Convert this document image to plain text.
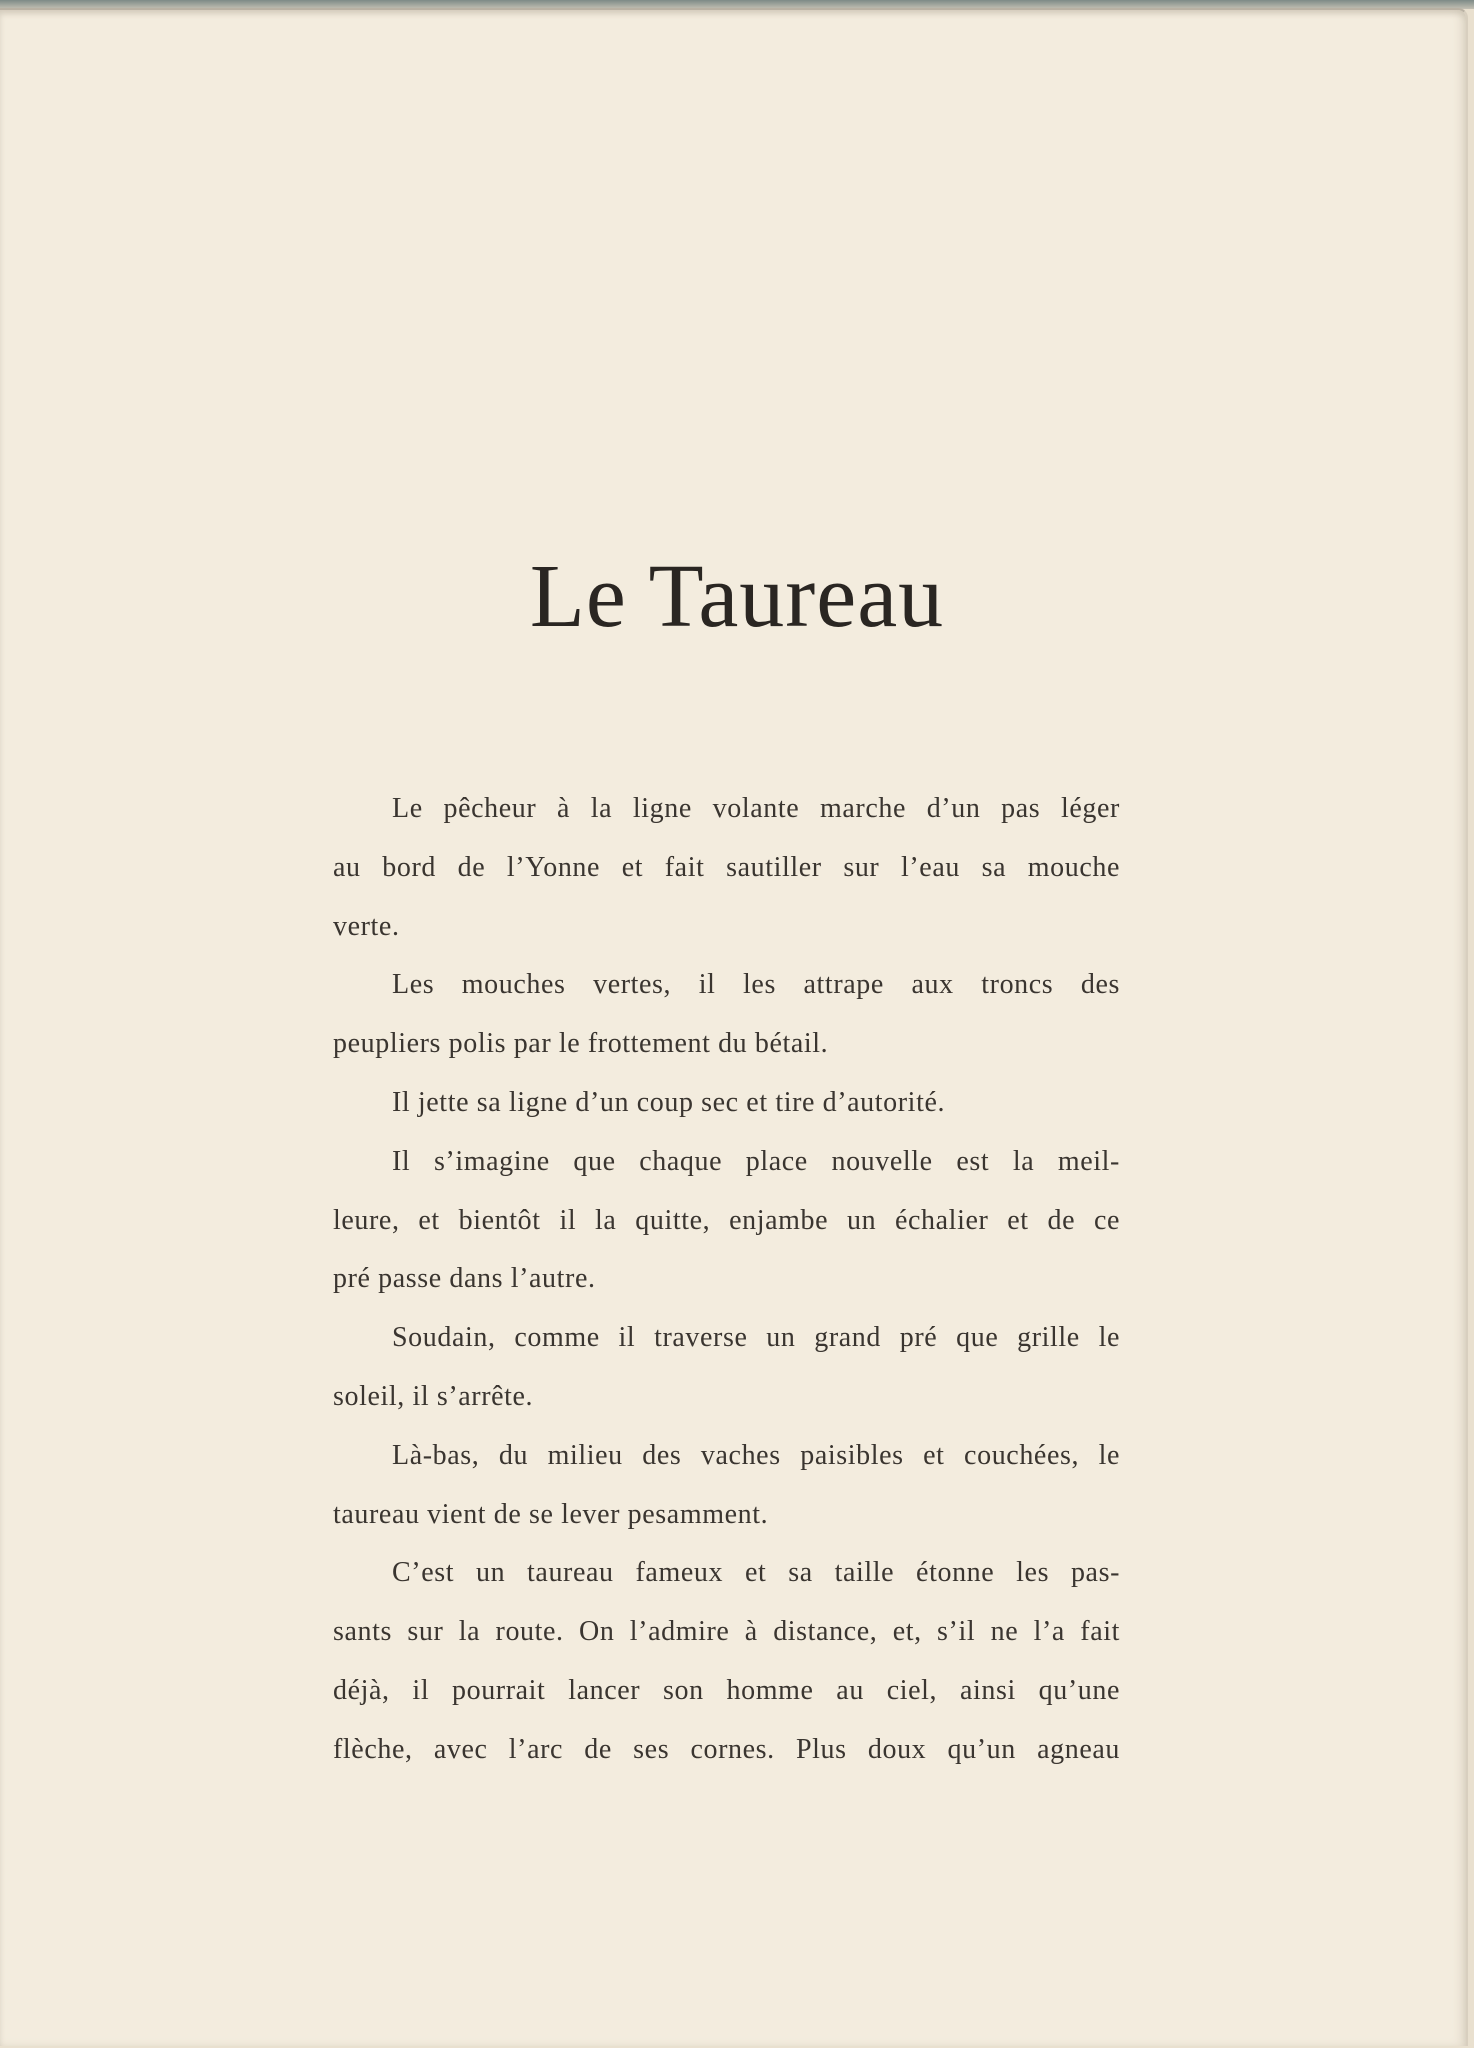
Le Taureau
Le pêcheur à la ligne volante marche d’un pas léger
au bord de l’Yonne et fait sautiller sur l’eau sa mouche
verte.
Les mouches vertes, il les attrape aux troncs des
peupliers polis par le frottement du bétail.
Il jette sa ligne d’un coup sec et tire d’autorité.
Il s’imagine que chaque place nouvelle est la meil-
leure, et bientôt il la quitte, enjambe un échalier et de ce
pré passe dans l’autre.
Soudain, comme il traverse un grand pré que grille le
soleil, il s’arrête.
Là-bas, du milieu des vaches paisibles et couchées, le
taureau vient de se lever pesamment.
C’est un taureau fameux et sa taille étonne les pas-
sants sur la route. On l’admire à distance, et, s’il ne l’a fait
déjà, il pourrait lancer son homme au ciel, ainsi qu’une
flèche, avec l’arc de ses cornes. Plus doux qu’un agneau
